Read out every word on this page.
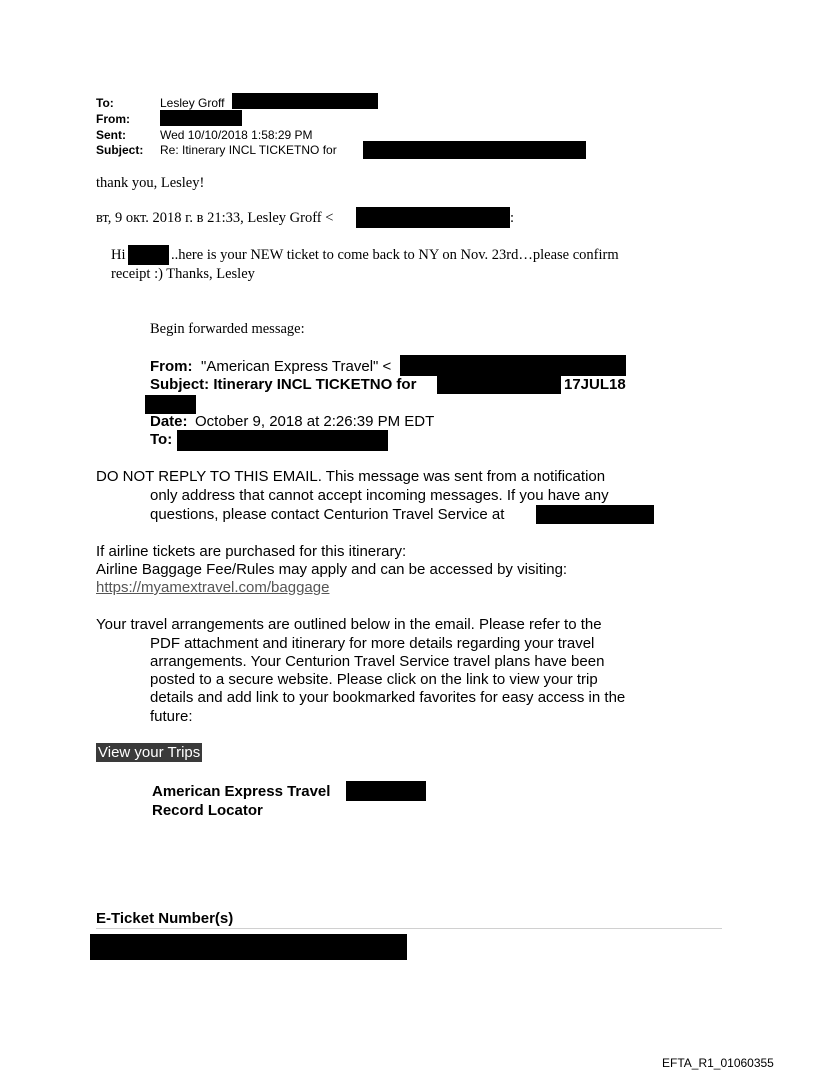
To:	Lesley Groff
From:
Sent:	Wed 10/10/2018 1:58:29 PM
Subject: Re: Itinerary INCL TICKETNO for
thank you, Lesley!
вт, 9 окт. 2018 г. в 21:33, Lesley Groff <	:
Hi	..here is your NEW ticket to come back to NY on Nov. 23rd…please confirm
receipt :) Thanks, Lesley
Begin forwarded message:
From: "American Express Travel" <
Subject: Itinerary INCL TICKETNO for	17JUL18
Date: October 9, 2018 at 2:26:39 PM EDT
To:
DO NOT REPLY TO THIS EMAIL. This message was sent from a notification
only address that cannot accept incoming messages. If you have any
questions, please contact Centurion Travel Service at
If airline tickets are purchased for this itinerary:
Airline Baggage Fee/Rules may apply and can be accessed by visiting:
https://myamextravel.com/baggage
Your travel arrangements are outlined below in the email. Please refer to the
PDF attachment and itinerary for more details regarding your travel
arrangements. Your Centurion Travel Service travel plans have been
posted to a secure website. Please click on the link to view your trip
details and add link to your bookmarked favorites for easy access in the
future:
View your Trips
American Express Travel
Record Locator
E-Ticket Number(s)
EFTA_R1_01060355
